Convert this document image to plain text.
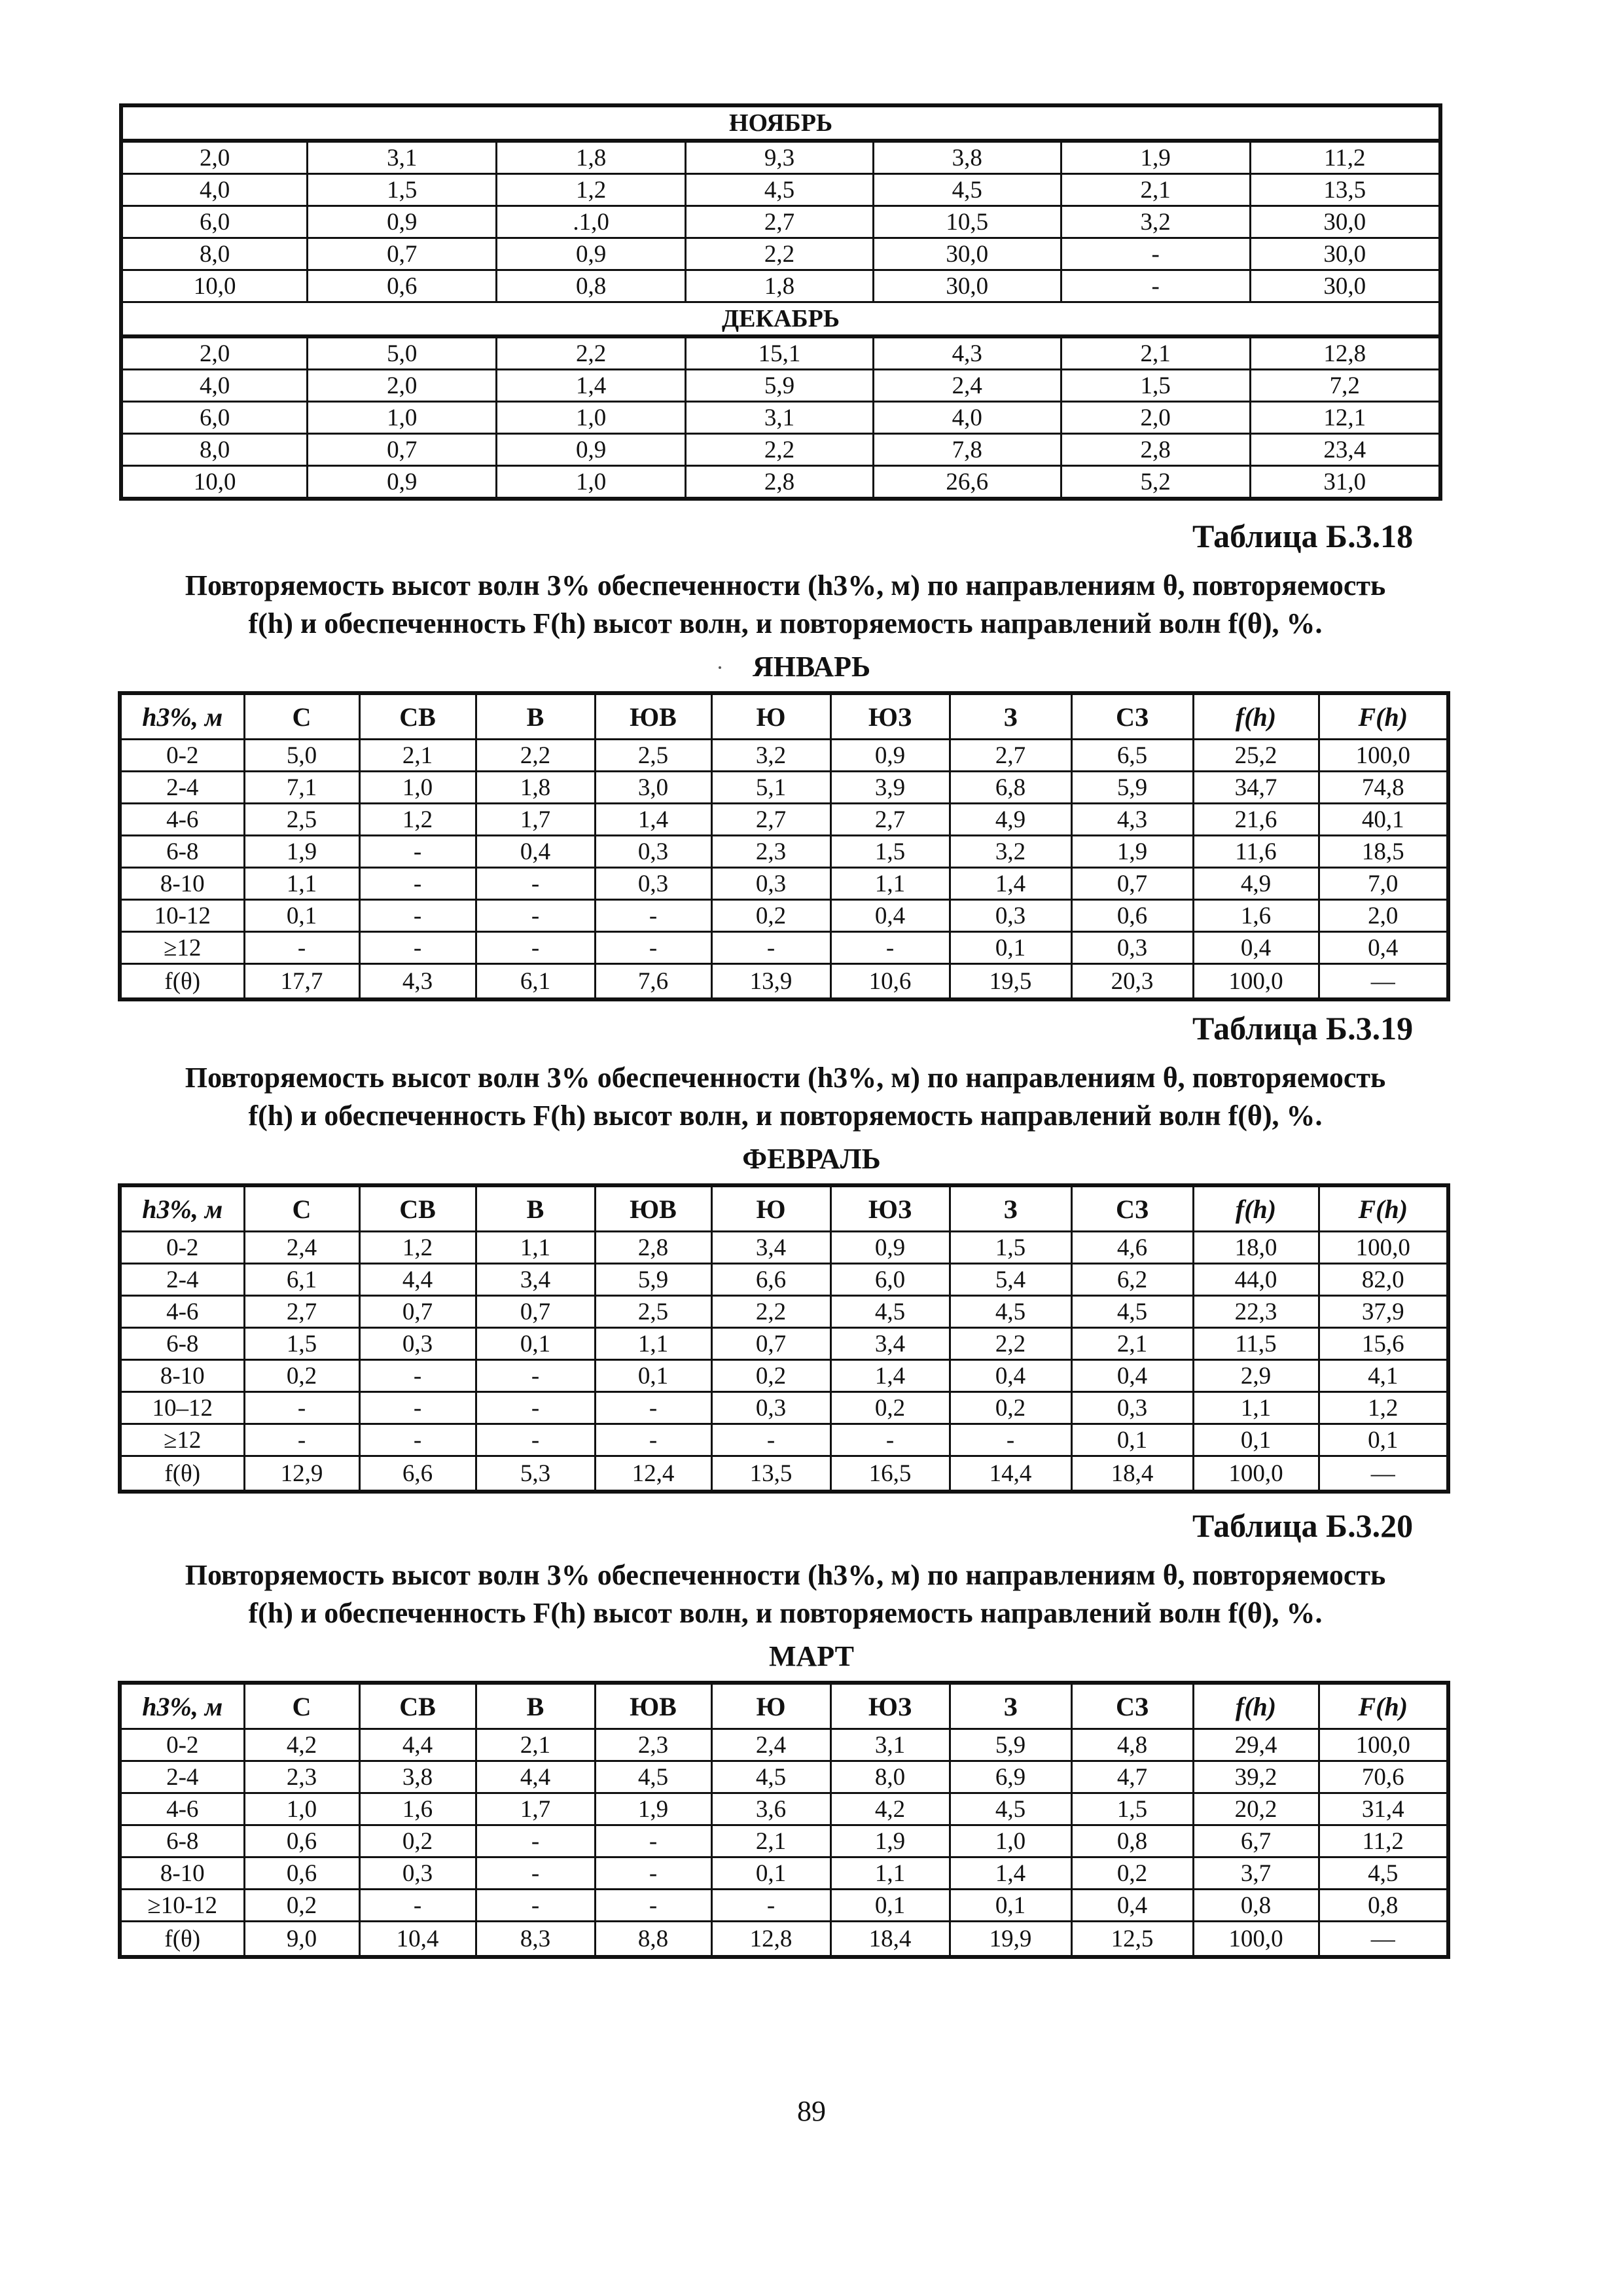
НОЯБРЬ						
2,0	3,1	1,8	9,3	3,8	1,9	11,2
4,0	1,5	1,2	4,5	4,5	2,1	13,5
6,0	0,9	.1,0	2,7	10,5	3,2	30,0
8,0	0,7	0,9	2,2	30,0	-	30,0
10,0	0,6	0,8	1,8	30,0	-	30,0
ДЕКАБРЬ						
2,0	5,0	2,2	15,1	4,3	2,1	12,8
4,0	2,0	1,4	5,9	2,4	1,5	7,2
6,0	1,0	1,0	3,1	4,0	2,0	12,1
8,0	0,7	0,9	2,2	7,8	2,8	23,4
10,0	0,9	1,0	2,8	26,6	5,2	31,0
Таблица Б.3.18
Повторяемость высот волн 3% обеспеченности (h3%, м) по направлениям θ, повторяемость
f(h) и обеспеченность F(h) высот волн, и повторяемость направлений волн f(θ), %.
ЯНВАРЬ
h3%, м	С	СВ	В	ЮВ	Ю	ЮЗ	З	СЗ	f(h)	F(h)
0-2	5,0	2,1	2,2	2,5	3,2	0,9	2,7	6,5	25,2	100,0
2-4	7,1	1,0	1,8	3,0	5,1	3,9	6,8	5,9	34,7	74,8
4-6	2,5	1,2	1,7	1,4	2,7	2,7	4,9	4,3	21,6	40,1
6-8	1,9	-	0,4	0,3	2,3	1,5	3,2	1,9	11,6	18,5
8-10	1,1	-	-	0,3	0,3	1,1	1,4	0,7	4,9	7,0
10-12	0,1	-	-	-	0,2	0,4	0,3	0,6	1,6	2,0
≥12	-	-	-	-	-	-	0,1	0,3	0,4	0,4
f(θ)	17,7	4,3	6,1	7,6	13,9	10,6	19,5	20,3	100,0	—
Таблица Б.3.19
Повторяемость высот волн 3% обеспеченности (h3%, м) по направлениям θ, повторяемость
f(h) и обеспеченность F(h) высот волн, и повторяемость направлений волн f(θ), %.
ФЕВРАЛЬ
h3%, м	С	СВ	В	ЮВ	Ю	ЮЗ	З	СЗ	f(h)	F(h)
0-2	2,4	1,2	1,1	2,8	3,4	0,9	1,5	4,6	18,0	100,0
2-4	6,1	4,4	3,4	5,9	6,6	6,0	5,4	6,2	44,0	82,0
4-6	2,7	0,7	0,7	2,5	2,2	4,5	4,5	4,5	22,3	37,9
6-8	1,5	0,3	0,1	1,1	0,7	3,4	2,2	2,1	11,5	15,6
8-10	0,2	-	-	0,1	0,2	1,4	0,4	0,4	2,9	4,1
10–12	-	-	-	-	0,3	0,2	0,2	0,3	1,1	1,2
≥12	-	-	-	-	-	-	-	0,1	0,1	0,1
f(θ)	12,9	6,6	5,3	12,4	13,5	16,5	14,4	18,4	100,0	—
Таблица Б.3.20
Повторяемость высот волн 3% обеспеченности (h3%, м) по направлениям θ, повторяемость
f(h) и обеспеченность F(h) высот волн, и повторяемость направлений волн f(θ), %.
МАРТ
h3%, м	С	СВ	В	ЮВ	Ю	ЮЗ	З	СЗ	f(h)	F(h)
0-2	4,2	4,4	2,1	2,3	2,4	3,1	5,9	4,8	29,4	100,0
2-4	2,3	3,8	4,4	4,5	4,5	8,0	6,9	4,7	39,2	70,6
4-6	1,0	1,6	1,7	1,9	3,6	4,2	4,5	1,5	20,2	31,4
6-8	0,6	0,2	-	-	2,1	1,9	1,0	0,8	6,7	11,2
8-10	0,6	0,3	-	-	0,1	1,1	1,4	0,2	3,7	4,5
≥10-12	0,2	-	-	-	-	0,1	0,1	0,4	0,8	0,8
f(θ)	9,0	10,4	8,3	8,8	12,8	18,4	19,9	12,5	100,0	—
89
